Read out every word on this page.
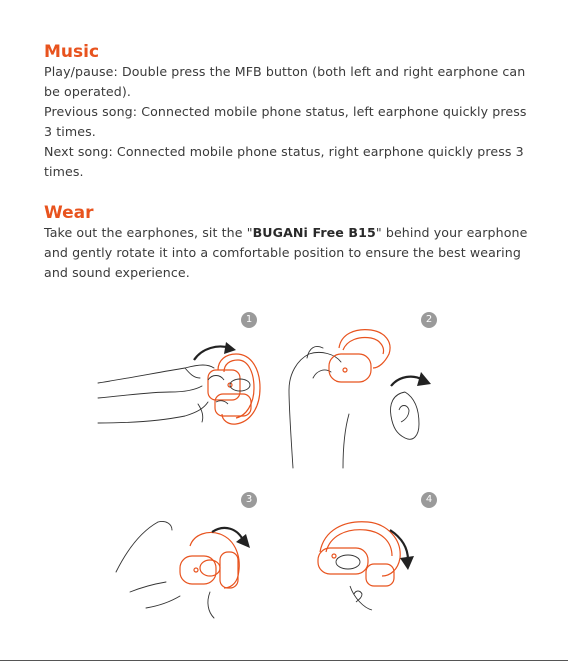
Music

Play/pause: Double press the MFB button (both left and right earphone can be operated).

Previous song: Connected mobile phone status, left earphone quickly press 3 times.

Next song: Connected mobile phone status, right earphone quickly press 3 times.

Wear

Take out the earphones, sit the "BUGANi Free B15" behind your earphone and gently rotate it into a comfortable position to ensure the best wearing and sound experience.

1	2
3	4
